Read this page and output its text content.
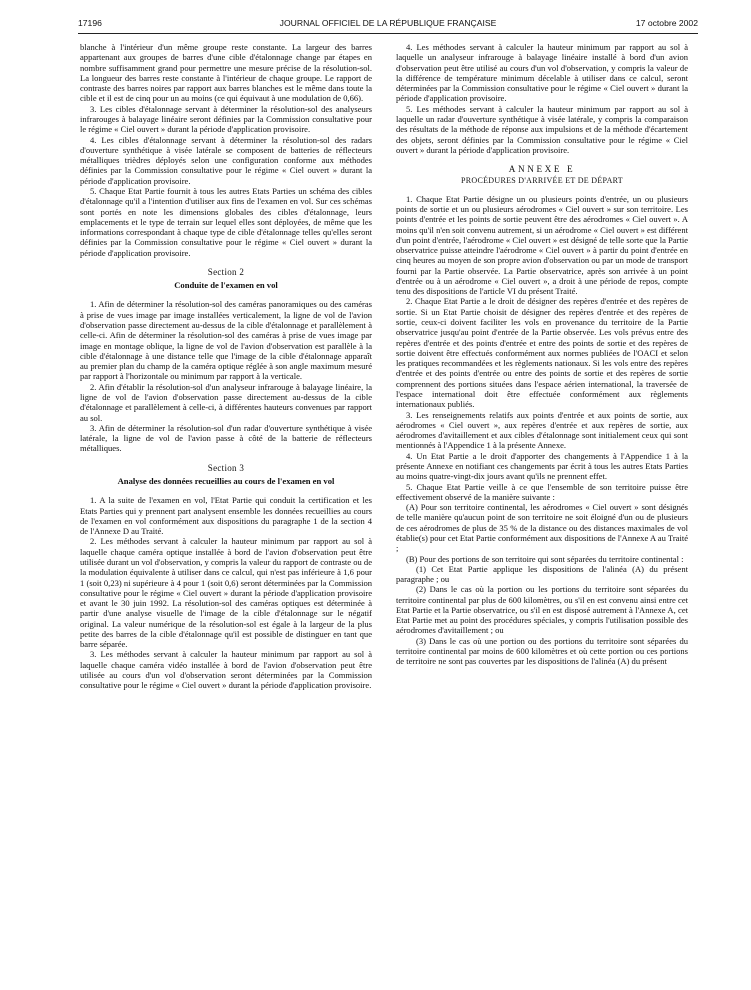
17196	JOURNAL OFFICIEL DE LA RÉPUBLIQUE FRANÇAISE	17 octobre 2002

blanche à l'intérieur d'un même groupe reste constante. La largeur des barres appartenant aux groupes de barres d'une cible d'étalonnage change par étapes en nombre suffisamment grand pour permettre une mesure précise de la résolution-sol. La longueur des barres reste constante à l'intérieur de chaque groupe. Le rapport de contraste des barres noires par rapport aux barres blanches est le même dans toute la cible et il est de cinq pour un au moins (ce qui équivaut à une modulation de 0,66).

3. Les cibles d'étalonnage servant à déterminer la résolution-sol des analyseurs infrarouges à balayage linéaire seront définies par la Commission consultative pour le régime « Ciel ouvert » durant la période d'application provisoire.

4. Les cibles d'étalonnage servant à déterminer la résolution-sol des radars d'ouverture synthétique à visée latérale se composent de batteries de réflecteurs métalliques trièdres déployés selon une configuration conforme aux méthodes définies par la Commission consultative pour le régime « Ciel ouvert » durant la période d'application provisoire.

5. Chaque Etat Partie fournit à tous les autres Etats Parties un schéma des cibles d'étalonnage qu'il a l'intention d'utiliser aux fins de l'examen en vol. Sur ces schémas sont portés en note les dimensions globales des cibles d'étalonnage, leurs emplacements et le type de terrain sur lequel elles sont déployées, de même que les informations correspondant à chaque type de cible d'étalonnage telles qu'elles seront définies par la Commission consultative pour le régime « Ciel ouvert » durant la période d'application provisoire.

Section 2
Conduite de l'examen en vol

1. Afin de déterminer la résolution-sol des caméras panoramiques ou des caméras à prise de vues image par image installées verticalement, la ligne de vol de l'avion d'observation passe directement au-dessus de la cible d'étalonnage et parallèlement à celle-ci. Afin de déterminer la résolution-sol des caméras à prise de vues image par image en montage oblique, la ligne de vol de l'avion d'observation est parallèle à la cible d'étalonnage à une distance telle que l'image de la cible d'étalonnage apparaît au premier plan du champ de la caméra optique réglée à son angle maximum mesuré par rapport à l'horizontale ou minimum par rapport à la verticale.

2. Afin d'établir la résolution-sol d'un analyseur infrarouge à balayage linéaire, la ligne de vol de l'avion d'observation passe directement au-dessus de la cible d'étalonnage et parallèlement à celle-ci, à différentes hauteurs convenues par rapport au sol.

3. Afin de déterminer la résolution-sol d'un radar d'ouverture synthétique à visée latérale, la ligne de vol de l'avion passe à côté de la batterie de réflecteurs métalliques.

Section 3
Analyse des données recueillies au cours de l'examen en vol

1. A la suite de l'examen en vol, l'Etat Partie qui conduit la certification et les Etats Parties qui y prennent part analysent ensemble les données recueillies au cours de l'examen en vol conformément aux dispositions du paragraphe 1 de la section 4 de l'Annexe D au Traité.

2. Les méthodes servant à calculer la hauteur minimum par rapport au sol à laquelle chaque caméra optique installée à bord de l'avion d'observation peut être utilisée durant un vol d'observation, y compris la valeur du rapport de contraste ou de la modulation équivalente à utiliser dans ce calcul, qui n'est pas inférieure à 1,6 pour 1 (soit 0,23) ni supérieure à 4 pour 1 (soit 0,6) seront déterminées par la Commission consultative pour le régime « Ciel ouvert » durant la période d'application provisoire et avant le 30 juin 1992. La résolution-sol des caméras optiques est déterminée à partir d'une analyse visuelle de l'image de la cible d'étalonnage sur le négatif original. La valeur numérique de la résolution-sol est égale à la largeur de la plus petite des barres de la cible d'étalonnage qu'il est possible de distinguer en tant que barre séparée.

3. Les méthodes servant à calculer la hauteur minimum par rapport au sol à laquelle chaque caméra vidéo installée à bord de l'avion d'observation peut être utilisée au cours d'un vol d'observation seront déterminées par la Commission consultative pour le régime « Ciel ouvert » durant la période d'application provisoire.

4. Les méthodes servant à calculer la hauteur minimum par rapport au sol à laquelle un analyseur infrarouge à balayage linéaire installé à bord d'un avion d'observation peut être utilisé au cours d'un vol d'observation, y compris la valeur de la différence de température minimum décelable à utiliser dans ce calcul, seront déterminées par la Commission consultative pour le régime « Ciel ouvert » durant la période d'application provisoire.

5. Les méthodes servant à calculer la hauteur minimum par rapport au sol à laquelle un radar d'ouverture synthétique à visée latérale, y compris la comparaison des résultats de la méthode de réponse aux impulsions et de la méthode d'écartement des objets, seront définies par la Commission consultative pour le régime « Ciel ouvert » durant la période d'application provisoire.

ANNEXE E
PROCÉDURES D'ARRIVÉE ET DE DÉPART

1. Chaque Etat Partie désigne un ou plusieurs points d'entrée, un ou plusieurs points de sortie et un ou plusieurs aérodromes « Ciel ouvert » sur son territoire. Les points d'entrée et les points de sortie peuvent être des aérodromes « Ciel ouvert ». A moins qu'il n'en soit convenu autrement, si un aérodrome « Ciel ouvert » est différent d'un point d'entrée, l'aérodrome « Ciel ouvert » est désigné de telle sorte que la Partie observatrice puisse atteindre l'aérodrome « Ciel ouvert » à partir du point d'entrée en cinq heures au moyen de son propre avion d'observation ou par un mode de transport fourni par la Partie observée. La Partie observatrice, après son arrivée à un point d'entrée ou à un aérodrome « Ciel ouvert », a droit à une période de repos, compte tenu des dispositions de l'article VI du présent Traité.

2. Chaque Etat Partie a le droit de désigner des repères d'entrée et des repères de sortie. Si un Etat Partie choisit de désigner des repères d'entrée et des repères de sortie, ceux-ci doivent faciliter les vols en provenance du territoire de la Partie observatrice jusqu'au point d'entrée de la Partie observée. Les vols prévus entre des repères d'entrée et des points d'entrée et entre des points de sortie et des repères de sortie doivent être effectués conformément aux normes publiées de l'OACI et selon les pratiques recommandées et les règlements nationaux. Si les vols entre des repères d'entrée et des points d'entrée ou entre des points de sortie et des repères de sortie comprennent des portions situées dans l'espace aérien international, la traversée de l'espace international doit être effectuée conformément aux règlements internationaux publiés.

3. Les renseignements relatifs aux points d'entrée et aux points de sortie, aux aérodromes « Ciel ouvert », aux repères d'entrée et aux repères de sortie, aux aérodromes d'avitaillement et aux cibles d'étalonnage sont initialement ceux qui sont mentionnés à l'Appendice 1 à la présente Annexe.

4. Un Etat Partie a le droit d'apporter des changements à l'Appendice 1 à la présente Annexe en notifiant ces changements par écrit à tous les autres Etats Parties au moins quatre-vingt-dix jours avant qu'ils ne prennent effet.

5. Chaque Etat Partie veille à ce que l'ensemble de son territoire puisse être effectivement observé de la manière suivante :

(A) Pour son territoire continental, les aérodromes « Ciel ouvert » sont désignés de telle manière qu'aucun point de son territoire ne soit éloigné d'un ou de plusieurs de ces aérodromes de plus de 35 % de la distance ou des distances maximales de vol établie(s) pour cet Etat Partie conformément aux dispositions de l'Annexe A au Traité ;

(B) Pour des portions de son territoire qui sont séparées du territoire continental :

(1) Cet Etat Partie applique les dispositions de l'alinéa (A) du présent paragraphe ; ou

(2) Dans le cas où la portion ou les portions du territoire sont séparées du territoire continental par plus de 600 kilomètres, ou s'il en est convenu ainsi entre cet Etat Partie et la Partie observatrice, ou s'il en est disposé autrement à l'Annexe A, cet Etat Partie met au point des procédures spéciales, y compris l'utilisation possible des aérodromes d'avitaillement ; ou

(3) Dans le cas où une portion ou des portions du territoire sont séparées du territoire continental par moins de 600 kilomètres et où cette portion ou ces portions de territoire ne sont pas couvertes par les dispositions de l'alinéa (A) du présent
